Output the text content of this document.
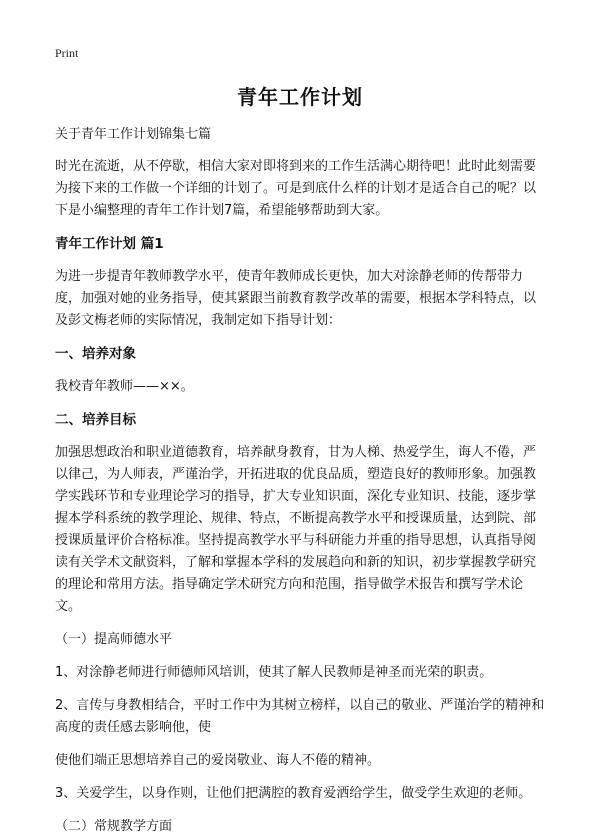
Print
青年工作计划

关于青年工作计划锦集七篇

时光在流逝，从不停歇，相信大家对即将到来的工作生活满心期待吧！此时此刻需要为接下来的工作做一个详细的计划了。可是到底什么样的计划才是适合自己的呢？以下是小编整理的青年工作计划7篇，希望能够帮助到大家。

青年工作计划 篇1

为进一步提青年教师教学水平，使青年教师成长更快，加大对涂静老师的传帮带力度，加强对她的业务指导，使其紧跟当前教育教学改革的需要，根据本学科特点，以及彭文梅老师的实际情况，我制定如下指导计划：

一、培养对象

我校青年教师——××。

二、培养目标

加强思想政治和职业道德教育，培养献身教育，甘为人梯、热爱学生，诲人不倦，严以律己，为人师表，严谨治学，开拓进取的优良品质，塑造良好的教师形象。加强教学实践环节和专业理论学习的指导，扩大专业知识面，深化专业知识、技能，逐步掌握本学科系统的教学理论、规律、特点，不断提高教学水平和授课质量，达到院、部授课质量评价合格标准。坚持提高教学水平与科研能力并重的指导思想，认真指导阅读有关学术文献资料，了解和掌握本学科的发展趋向和新的知识，初步掌握教学研究的理论和常用方法。指导确定学术研究方向和范围，指导做学术报告和撰写学术论文。

（一）提高师德水平

1、对涂静老师进行师德师风培训，使其了解人民教师是神圣而光荣的职责。

2、言传与身教相结合，平时工作中为其树立榜样，以自己的敬业、严谨治学的精神和高度的责任感去影响他，使

使他们端正思想培养自己的爱岗敬业、诲人不倦的精神。

3、关爱学生，以身作则，让他们把满腔的教育爱洒给学生，做受学生欢迎的老师。

（二）常规教学方面
